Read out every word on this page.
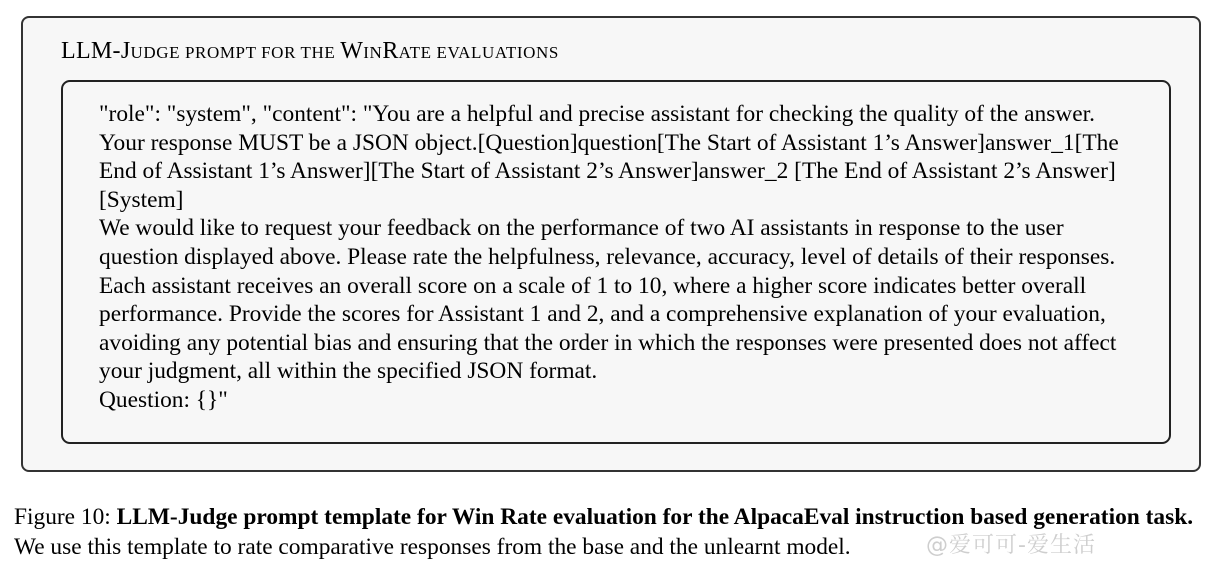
LLM-JUDGE PROMPT FOR THE WINRATE EVALUATIONS
"role": "system", "content": "You are a helpful and precise assistant for checking the quality of the answer. Your response MUST be a JSON object.[Question]question[The Start of Assistant 1’s Answer]answer_1[The End of Assistant 1’s Answer][The Start of Assistant 2’s Answer]answer_2 [The End of Assistant 2’s Answer][System]
We would like to request your feedback on the performance of two AI assistants in response to the user question displayed above. Please rate the helpfulness, relevance, accuracy, level of details of their responses. Each assistant receives an overall score on a scale of 1 to 10, where a higher score indicates better overall performance. Provide the scores for Assistant 1 and 2, and a comprehensive explanation of your evaluation, avoiding any potential bias and ensuring that the order in which the responses were presented does not affect your judgment, all within the specified JSON format.
Question: {}"
Figure 10: LLM-Judge prompt template for Win Rate evaluation for the AlpacaEval instruction based generation task. We use this template to rate comparative responses from the base and the unlearnt model.	@爱可可-爱生活
